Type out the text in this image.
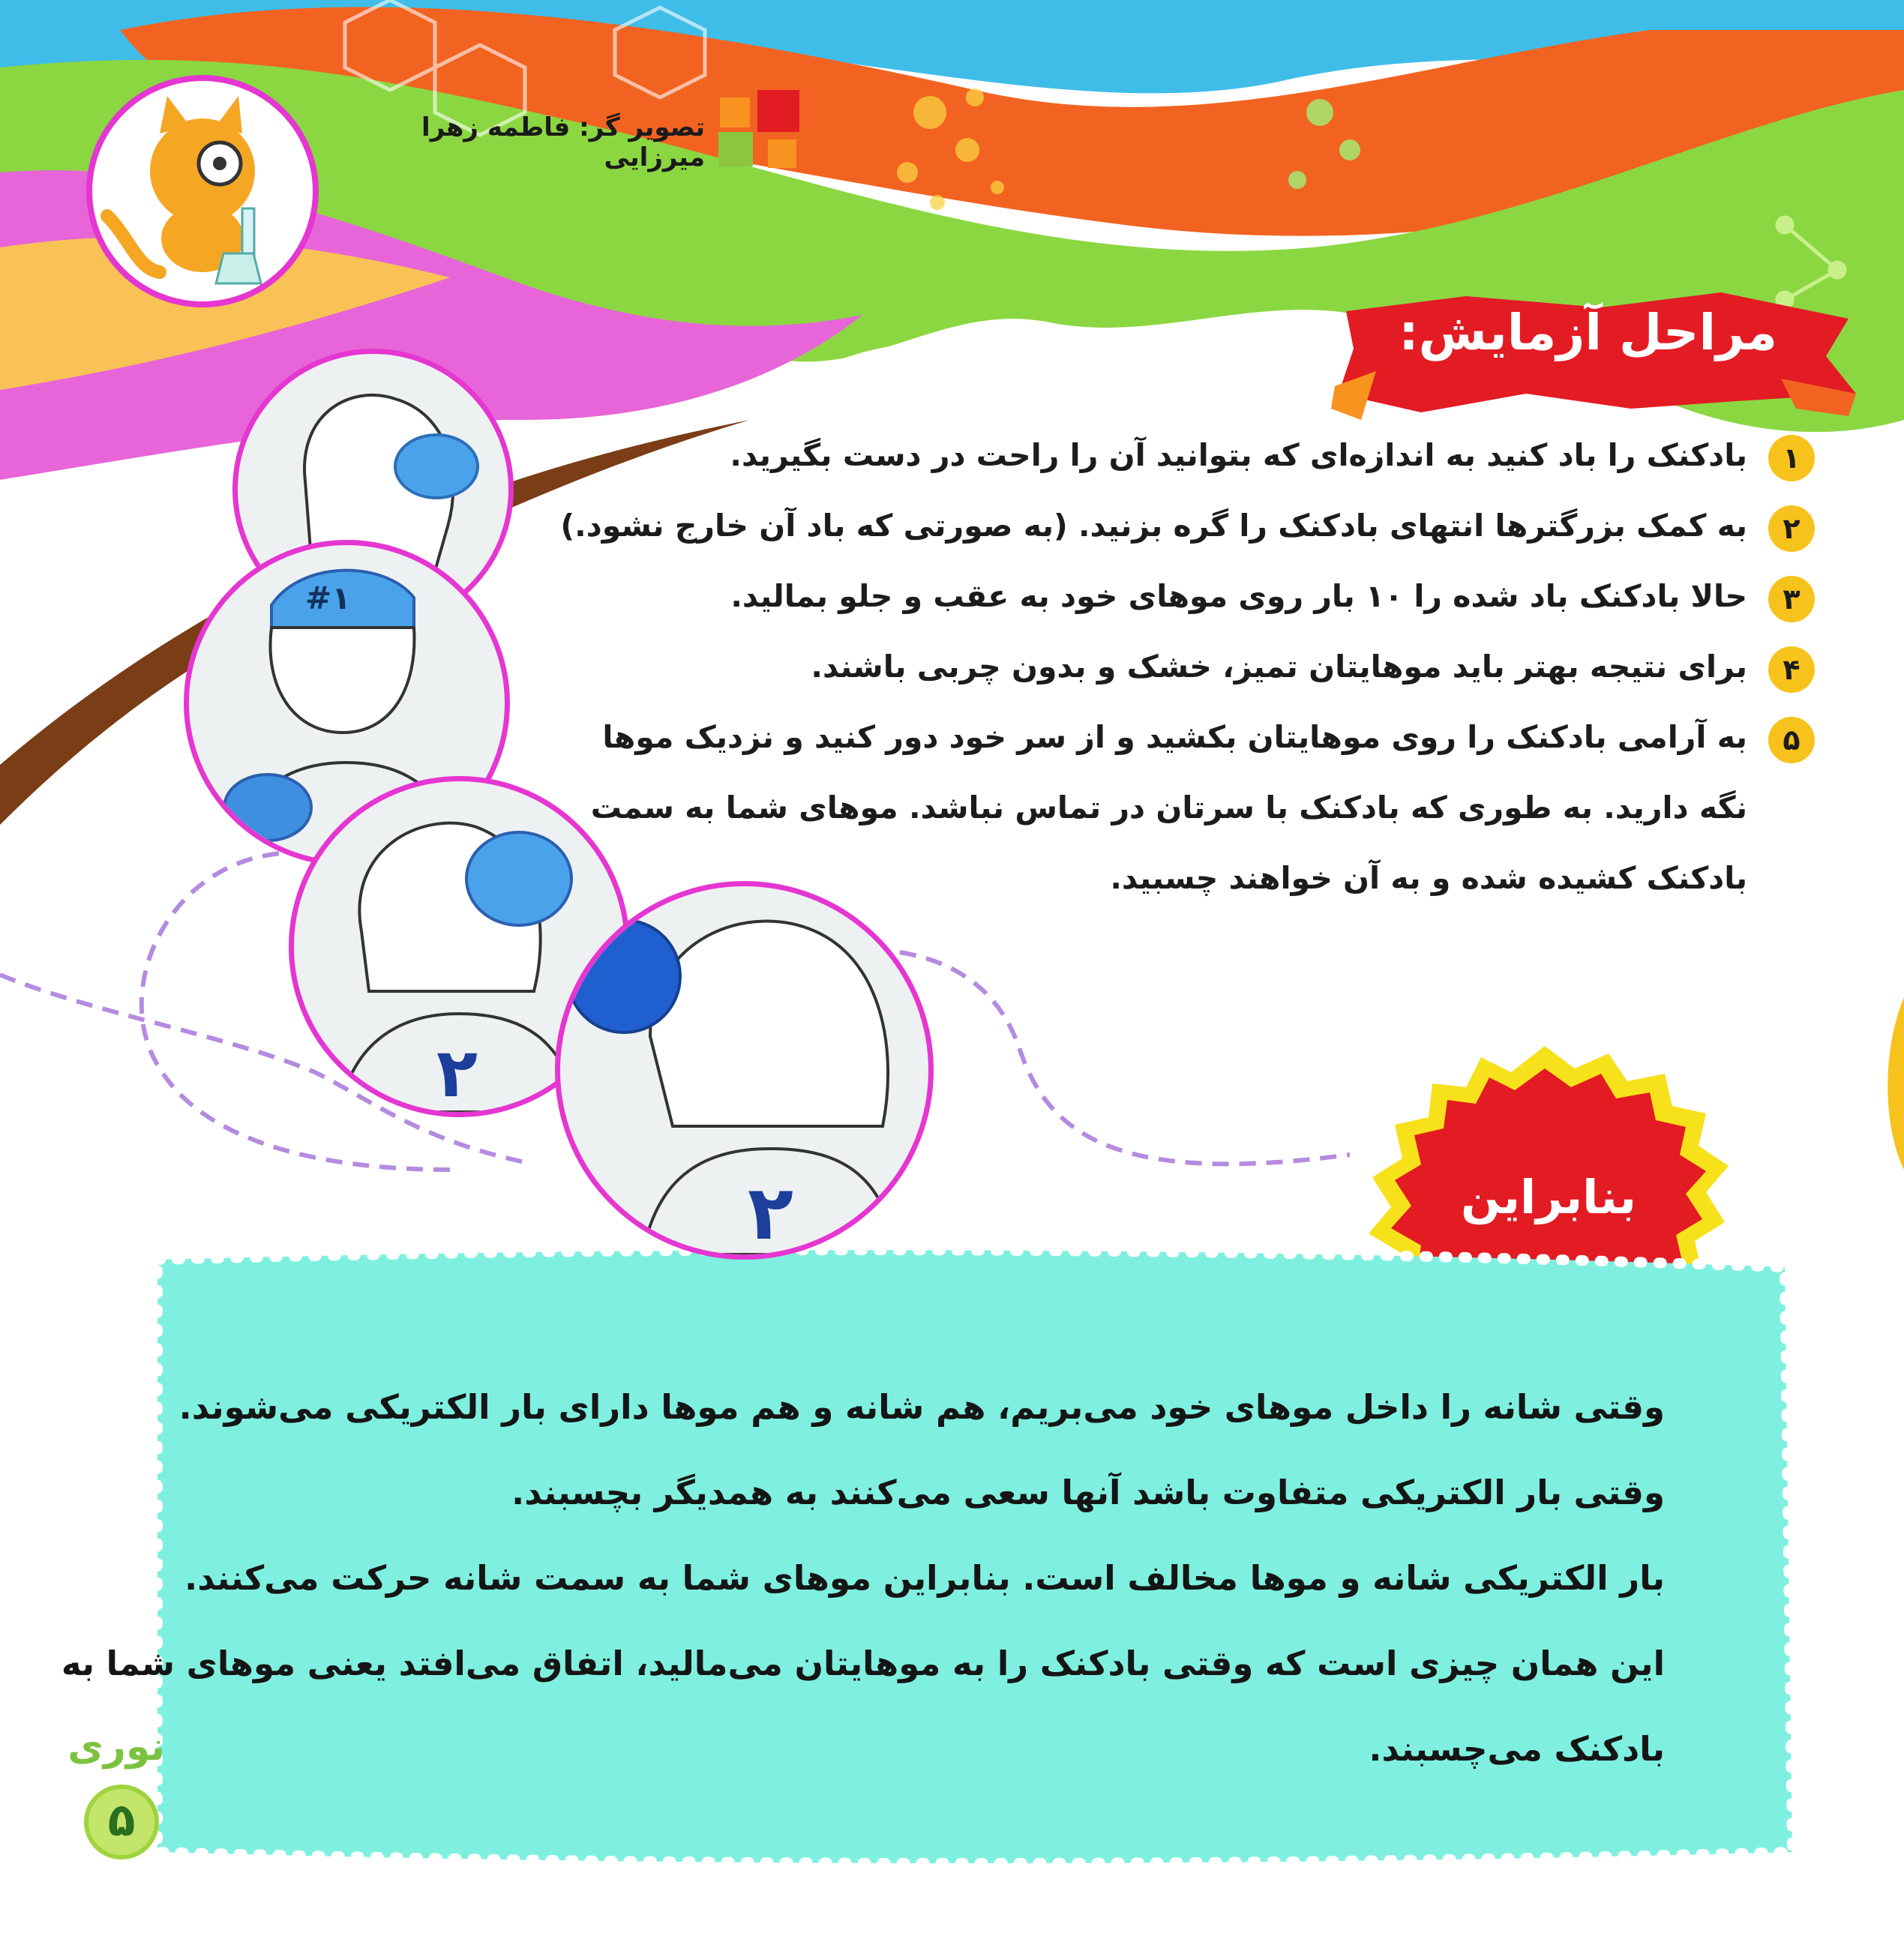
تصویر گر: فاطمه زهرا میرزایی
مراحل آزمایش:
#۱
۲
۲
۱
بادکنک را باد کنید به اندازه‌ای که بتوانید آن را راحت در دست بگیرید.
۲
به کمک بزرگترها انتهای بادکنک را گره بزنید. (به صورتی که باد آن خارج نشود.)
۳
حالا بادکنک باد شده را ۱۰ بار روی موهای خود به عقب و جلو بمالید.
۴
برای نتیجه بهتر باید موهایتان تمیز، خشک و بدون چربی باشند.
۵
به آرامی بادکنک را روی موهایتان بکشید و از سر خود دور کنید و نزدیک موها
نگه دارید. به طوری که بادکنک با سرتان در تماس نباشد. موهای شما به سمت
بادکنک کشیده شده و به آن خواهند چسبید.
بنابراین
وقتی شانه را داخل موهای خود می‌بریم، هم شانه و هم موها دارای بار الکتریکی می‌شوند.
وقتی بار الکتریکی متفاوت باشد آنها سعی می‌کنند به همدیگر بچسبند.
بار الکتریکی شانه و موها مخالف است. بنابراین موهای شما به سمت شانه حرکت می‌کنند.
این همان چیزی است که وقتی بادکنک را به موهایتان می‌مالید، اتفاق می‌افتد یعنی موهای شما به
بادکنک می‌چسبند.
نوری
۵
